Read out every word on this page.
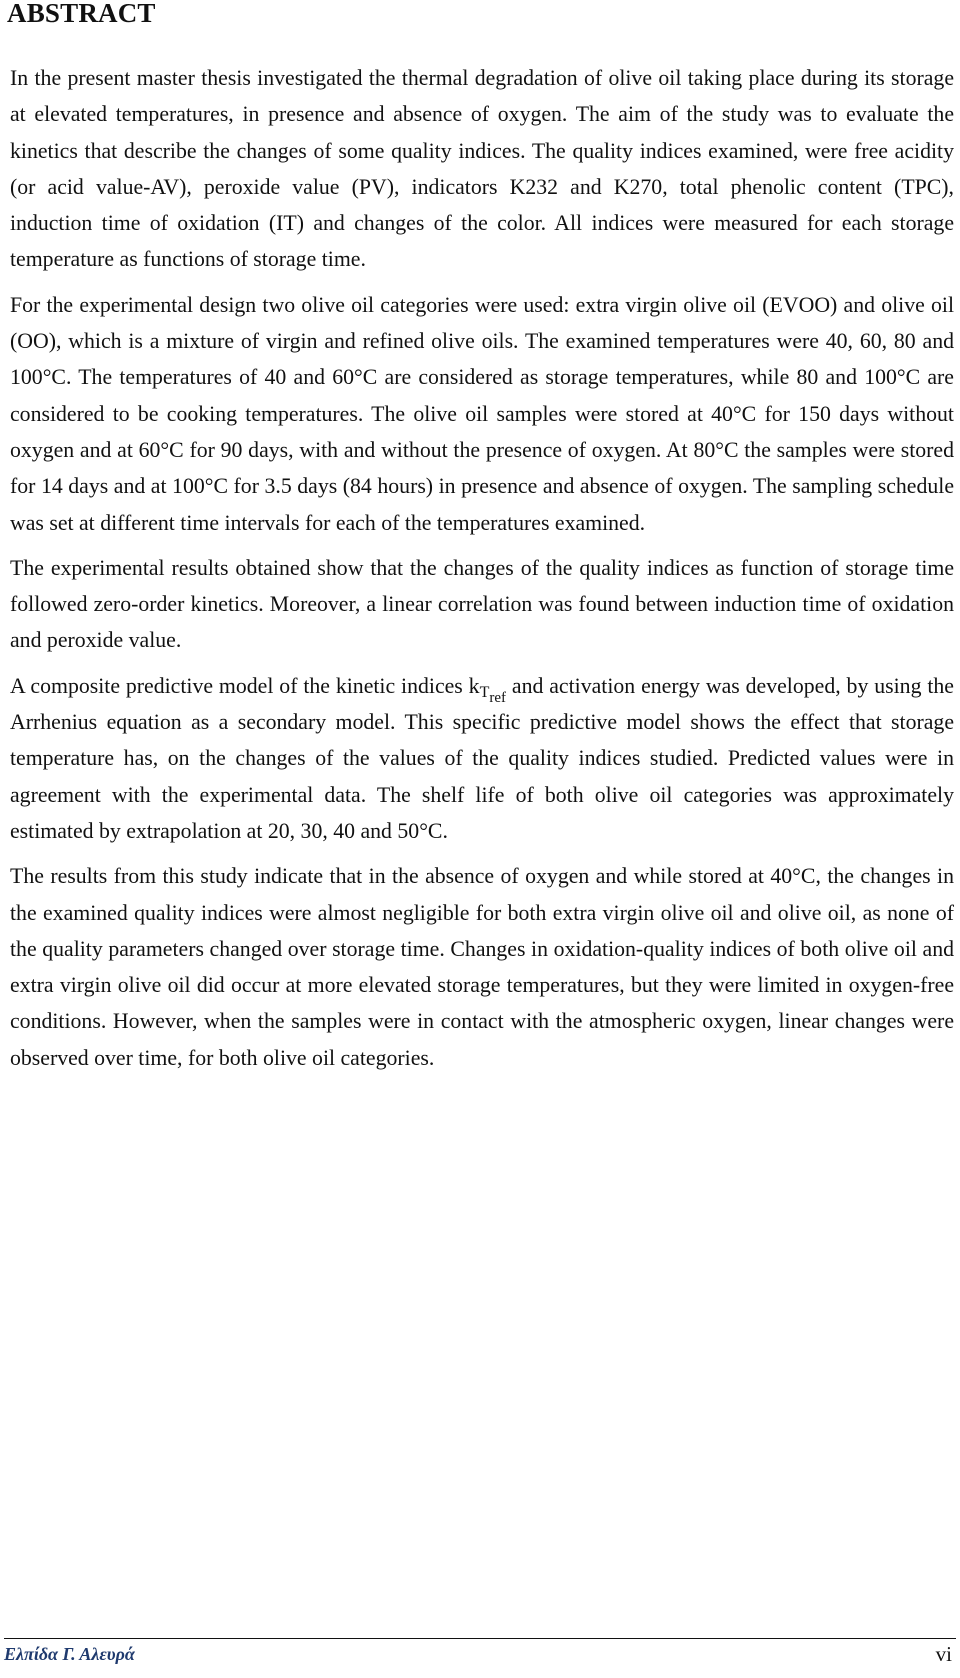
ABSTRACT

In the present master thesis investigated the thermal degradation of olive oil taking place during its storage at elevated temperatures, in presence and absence of oxygen. The aim of the study was to evaluate the kinetics that describe the changes of some quality indices. The quality indices examined, were free acidity (or acid value-AV), peroxide value (PV), indicators K232 and K270, total phenolic content (TPC), induction time of oxidation (IT) and changes of the color. All indices were measured for each storage temperature as functions of storage time.

For the experimental design two olive oil categories were used: extra virgin olive oil (EVOO) and olive oil (OO), which is a mixture of virgin and refined olive oils. The examined temperatures were 40, 60, 80 and 100°C. The temperatures of 40 and 60°C are considered as storage temperatures, while 80 and 100°C are considered to be cooking temperatures. The olive oil samples were stored at 40°C for 150 days without oxygen and at 60°C for 90 days, with and without the presence of oxygen. At 80°C the samples were stored for 14 days and at 100°C for 3.5 days (84 hours) in presence and absence of oxygen. The sampling schedule was set at different time intervals for each of the temperatures examined.

The experimental results obtained show that the changes of the quality indices as function of storage time followed zero-order kinetics. Moreover, a linear correlation was found between induction time of oxidation and peroxide value.

A composite predictive model of the kinetic indices $k_{T_{ref}}$ and activation energy was developed, by using the Arrhenius equation as a secondary model. This specific predictive model shows the effect that storage temperature has, on the changes of the values of the quality indices studied. Predicted values were in agreement with the experimental data. The shelf life of both olive oil categories was approximately estimated by extrapolation at 20, 30, 40 and 50°C.

The results from this study indicate that in the absence of oxygen and while stored at 40°C, the changes in the examined quality indices were almost negligible for both extra virgin olive oil and olive oil, as none of the quality parameters changed over storage time. Changes in oxidation-quality indices of both olive oil and extra virgin olive oil did occur at more elevated storage temperatures, but they were limited in oxygen-free conditions. However, when the samples were in contact with the atmospheric oxygen, linear changes were observed over time, for both olive oil categories.

Ελπίδα Γ. Αλευρά	vi
